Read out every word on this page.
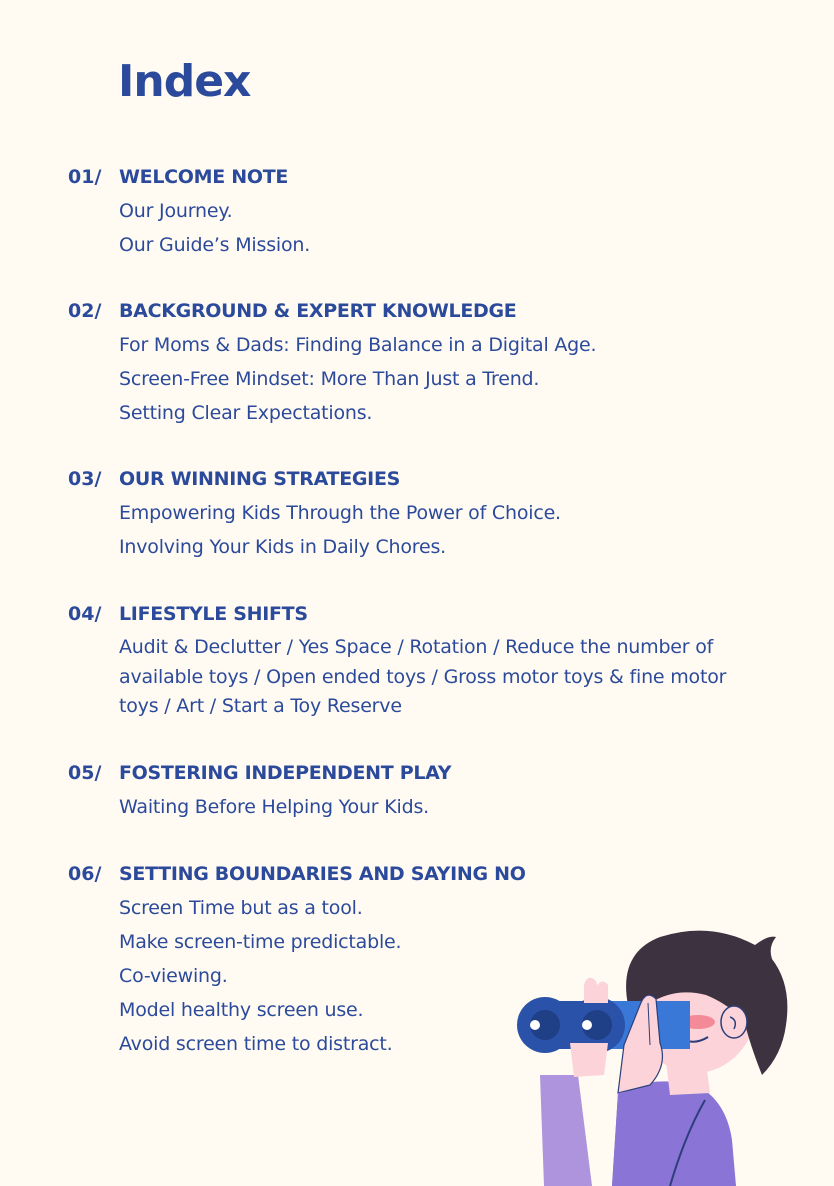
Index
01/ WELCOME NOTE
Our Journey.
Our Guide’s Mission.
02/ BACKGROUND & EXPERT KNOWLEDGE
For Moms & Dads: Finding Balance in a Digital Age.
Screen-Free Mindset: More Than Just a Trend.
Setting Clear Expectations.
03/ OUR WINNING STRATEGIES
Empowering Kids Through the Power of Choice.
Involving Your Kids in Daily Chores.
04/ LIFESTYLE SHIFTS
Audit & Declutter / Yes Space / Rotation / Reduce the number of available toys / Open ended toys / Gross motor toys & fine motor toys / Art / Start a Toy Reserve
05/ FOSTERING INDEPENDENT PLAY
Waiting Before Helping Your Kids.
06/ SETTING BOUNDARIES AND SAYING NO
Screen Time but as a tool.
Make screen-time predictable.
Co-viewing.
Model healthy screen use.
Avoid screen time to distract.
